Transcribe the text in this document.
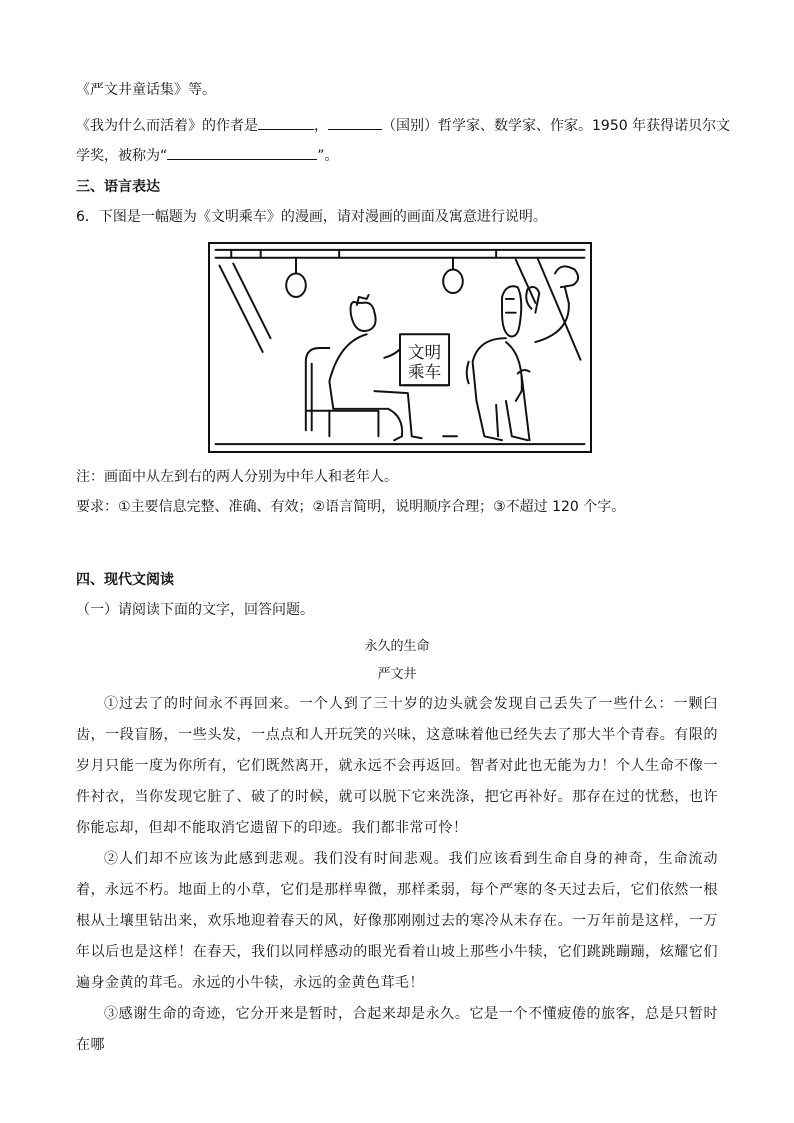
《严文井童话集》等。
《我为什么而活着》的作者是	，	（国别）哲学家、数学家、作家。1950 年获得诺贝尔文
学奖，被称为“	”。
三、语言表达
6．下图是一幅题为《文明乘车》的漫画，请对漫画的画面及寓意进行说明。
文明
乘车
注：画面中从左到右的两人分别为中年人和老年人。
要求：①主要信息完整、准确、有效；②语言简明，说明顺序合理；③不超过 120 个字。
四、现代文阅读
（一）请阅读下面的文字，回答问题。
永久的生命
严文井

①过去了的时间永不再回来。一个人到了三十岁的边头就会发现自己丢失了一些什么：一颗臼齿，一段盲肠，一些头发，一点点和人开玩笑的兴味，这意味着他已经失去了那大半个青春。有限的岁月只能一度为你所有，它们既然离开，就永远不会再返回。智者对此也无能为力！个人生命不像一件衬衣，当你发现它脏了、破了的时候，就可以脱下它来洗涤，把它再补好。那存在过的忧愁，也许你能忘却，但却不能取消它遗留下的印迹。我们都非常可怜！

②人们却不应该为此感到悲观。我们没有时间悲观。我们应该看到生命自身的神奇，生命流动着，永远不朽。地面上的小草，它们是那样卑微，那样柔弱，每个严寒的冬天过去后，它们依然一根根从土壤里钻出来，欢乐地迎着春天的风，好像那刚刚过去的寒冷从未存在。一万年前是这样，一万年以后也是这样！在春天，我们以同样感动的眼光看着山坡上那些小牛犊，它们跳跳蹦蹦，炫耀它们遍身金黄的茸毛。永远的小牛犊，永远的金黄色茸毛！

③感谢生命的奇迹，它分开来是暂时，合起来却是永久。它是一个不懂疲倦的旅客，总是只暂时在哪
